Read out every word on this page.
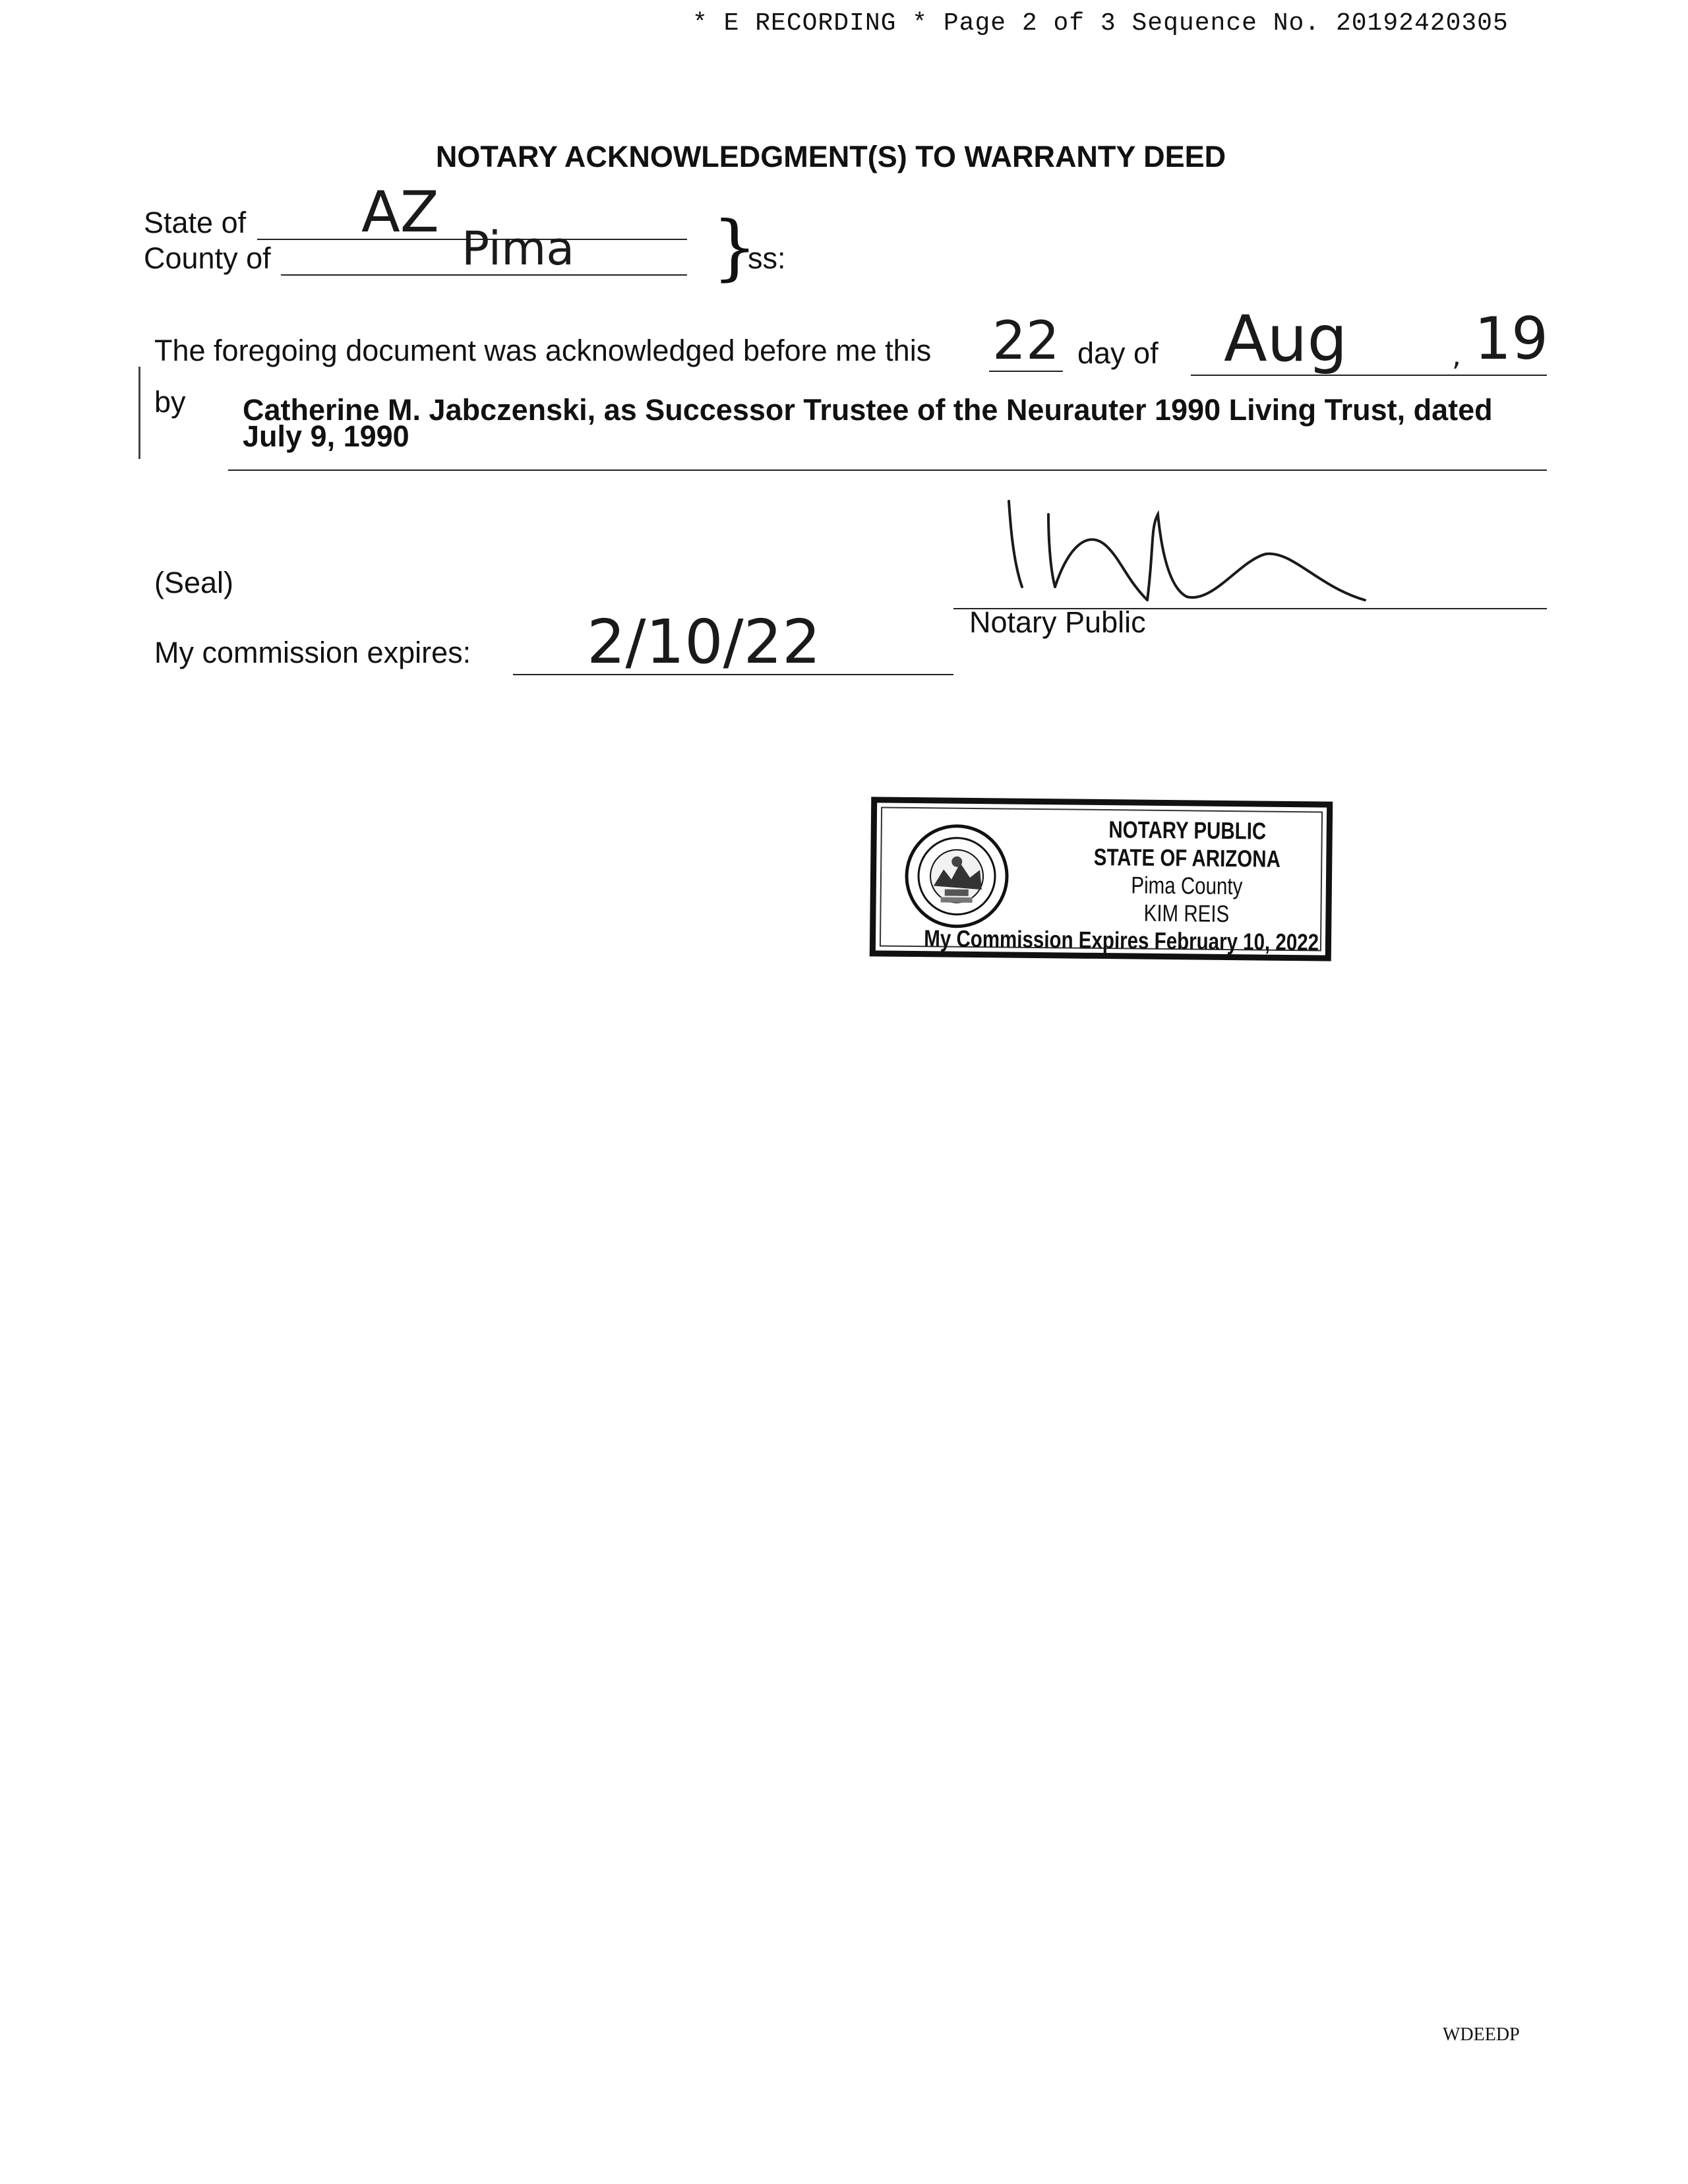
* E RECORDING * Page 2 of 3 Sequence No. 20192420305
NOTARY ACKNOWLEDGMENT(S) TO WARRANTY DEED
State of AZ
County of	Pima }
ss:
The foregoing document was acknowledged before me this 22 day of Aug	, 19
by Catherine M. Jabczenski, as Successor Trustee of the Neurauter 1990 Living Trust, dated
July 9, 1990
(Seal)
Notary Public
My commission expires: 2/10/22
NOTARY PUBLIC
STATE OF ARIZONA
Pima County
KIM REIS
My Commission Expires February 10, 2022
WDEEDP
